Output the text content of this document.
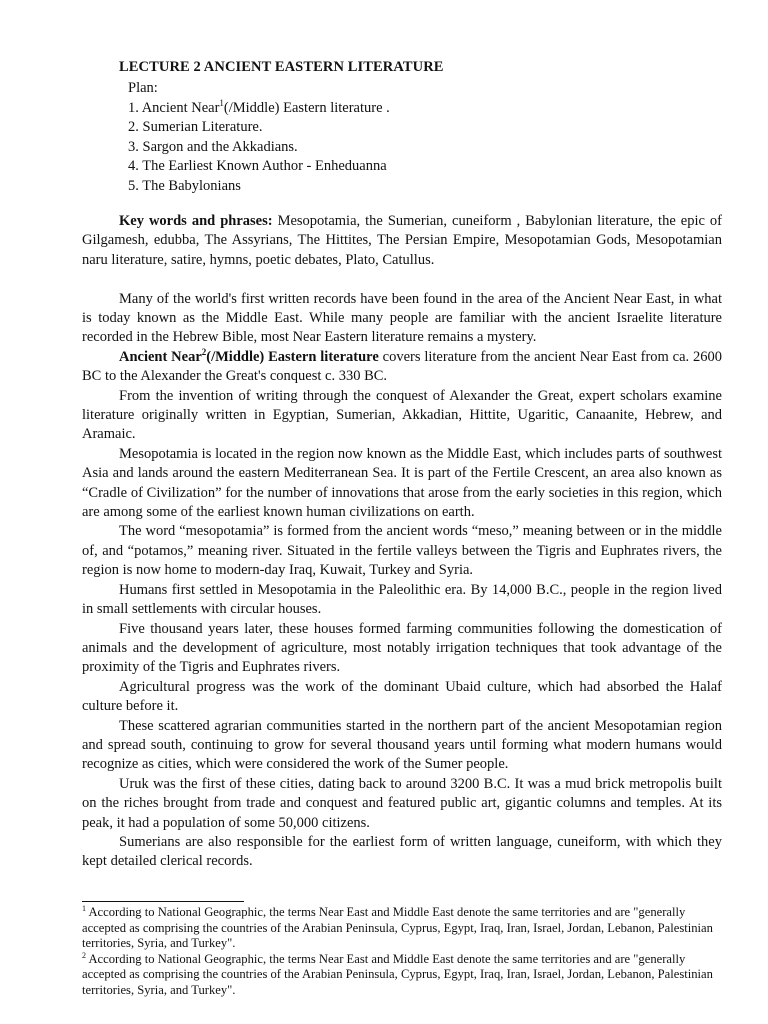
LECTURE 2 ANCIENT EASTERN LITERATURE
Plan:
1. Ancient Near$^1$(/Middle) Eastern literature .
2. Sumerian Literature.
3. Sargon and the Akkadians.
4. The Earliest Known Author - Enheduanna
5. The Babylonians

Key words and phrases: Mesopotamia, the Sumerian, cuneiform , Babylonian literature, the epic of Gilgamesh, edubba, The Assyrians, The Hittites, The Persian Empire, Mesopotamian Gods, Mesopotamian naru literature, satire, hymns, poetic debates, Plato, Catullus.

Many of the world's first written records have been found in the area of the Ancient Near East, in what is today known as the Middle East. While many people are familiar with the ancient Israelite literature recorded in the Hebrew Bible, most Near Eastern literature remains a mystery.

Ancient Near$^2$(/Middle) Eastern literature covers literature from the ancient Near East from ca. 2600 BC to the Alexander the Great's conquest c. 330 BC.

From the invention of writing through the conquest of Alexander the Great, expert scholars examine literature originally written in Egyptian, Sumerian, Akkadian, Hittite, Ugaritic, Canaanite, Hebrew, and Aramaic.

Mesopotamia is located in the region now known as the Middle East, which includes parts of southwest Asia and lands around the eastern Mediterranean Sea. It is part of the Fertile Crescent, an area also known as “Cradle of Civilization” for the number of innovations that arose from the early societies in this region, which are among some of the earliest known human civilizations on earth.

The word “mesopotamia” is formed from the ancient words “meso,” meaning between or in the middle of, and “potamos,” meaning river. Situated in the fertile valleys between the Tigris and Euphrates rivers, the region is now home to modern-day Iraq, Kuwait, Turkey and Syria.

Humans first settled in Mesopotamia in the Paleolithic era. By 14,000 B.C., people in the region lived in small settlements with circular houses.

Five thousand years later, these houses formed farming communities following the domestication of animals and the development of agriculture, most notably irrigation techniques that took advantage of the proximity of the Tigris and Euphrates rivers.

Agricultural progress was the work of the dominant Ubaid culture, which had absorbed the Halaf culture before it.

These scattered agrarian communities started in the northern part of the ancient Mesopotamian region and spread south, continuing to grow for several thousand years until forming what modern humans would recognize as cities, which were considered the work of the Sumer people.

Uruk was the first of these cities, dating back to around 3200 B.C. It was a mud brick metropolis built on the riches brought from trade and conquest and featured public art, gigantic columns and temples. At its peak, it had a population of some 50,000 citizens.

Sumerians are also responsible for the earliest form of written language, cuneiform, with which they kept detailed clerical records.

$^1$ According to National Geographic, the terms Near East and Middle East denote the same territories and are "generally accepted as comprising the countries of the Arabian Peninsula, Cyprus, Egypt, Iraq, Iran, Israel, Jordan, Lebanon, Palestinian territories, Syria, and Turkey".

$^2$ According to National Geographic, the terms Near East and Middle East denote the same territories and are "generally accepted as comprising the countries of the Arabian Peninsula, Cyprus, Egypt, Iraq, Iran, Israel, Jordan, Lebanon, Palestinian territories, Syria, and Turkey".
